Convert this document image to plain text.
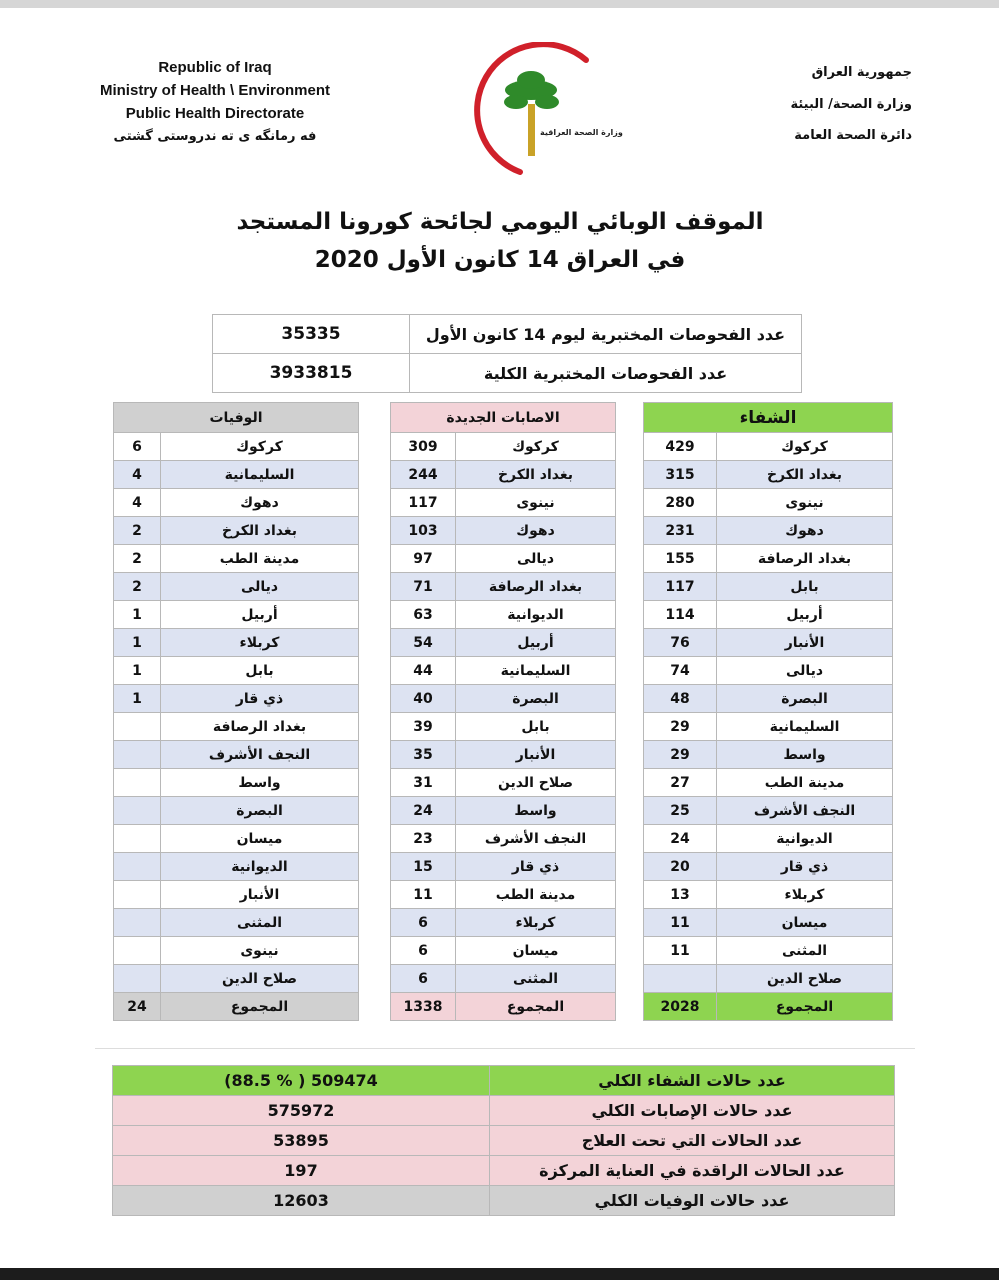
Republic of Iraq
Ministry of Health \ Environment
Public Health Directorate
فه رمانگه ی ته ندروستی گشتی	وزارة الصحة العراقية
جمهورية العراق
وزارة الصحة/ البيئة
دائرة الصحة العامة
الموقف الوبائي اليومي لجائحة كورونا المستجد
في العراق 14 كانون الأول 2020
35335	عدد الفحوصات المختبرية ليوم 14 كانون الأول
3933815	عدد الفحوصات المختبرية الكلية
الوفيات	
6	كركوك
4	السليمانية
4	دهوك
2	بغداد الكرخ
2	مدينة الطب
2	ديالى
1	أربيل
1	كربلاء
1	بابل
1	ذي قار
	بغداد الرصافة
	النجف الأشرف
	واسط
	البصرة
	ميسان
	الديوانية
	الأنبار
	المثنى
	نينوى
	صلاح الدين
24	المجموع
الاصابات الجديدة	
309	كركوك
244	بغداد الكرخ
117	نينوى
103	دهوك
97	ديالى
71	بغداد الرصافة
63	الديوانية
54	أربيل
44	السليمانية
40	البصرة
39	بابل
35	الأنبار
31	صلاح الدين
24	واسط
23	النجف الأشرف
15	ذي قار
11	مدينة الطب
6	كربلاء
6	ميسان
6	المثنى
1338	المجموع
الشفاء	
429	كركوك
315	بغداد الكرخ
280	نينوى
231	دهوك
155	بغداد الرصافة
117	بابل
114	أربيل
76	الأنبار
74	ديالى
48	البصرة
29	السليمانية
29	واسط
27	مدينة الطب
25	النجف الأشرف
24	الديوانية
20	ذي قار
13	كربلاء
11	ميسان
11	المثنى
	صلاح الدين
2028	المجموع
(88.5 % ) 509474	عدد حالات الشفاء الكلي
575972	عدد حالات الإصابات الكلي
53895	عدد الحالات التي تحت العلاج
197	عدد الحالات الراقدة في العناية المركزة
12603	عدد حالات الوفيات الكلي
